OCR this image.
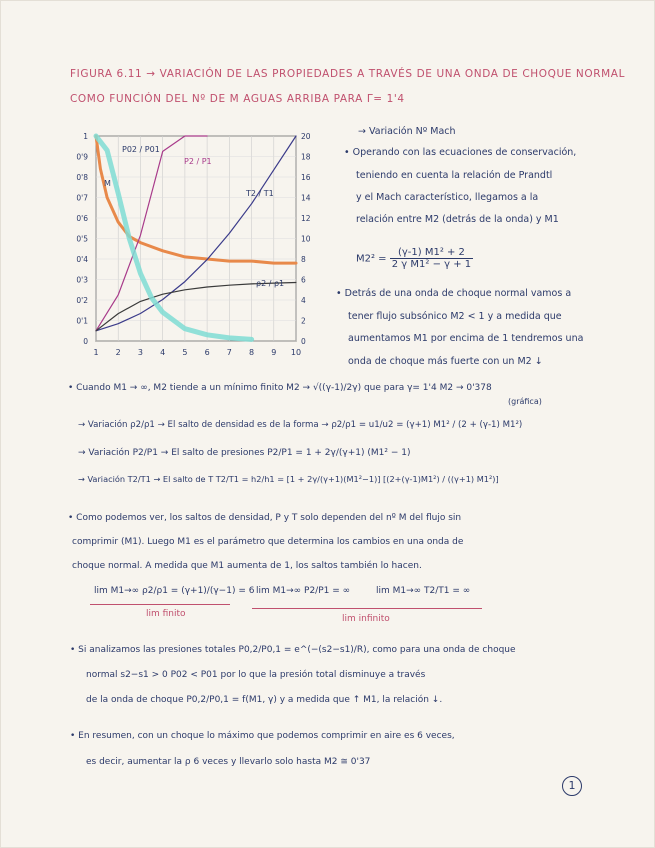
FIGURA 6.11 → VARIACIÓN DE LAS PROPIEDADES A TRAVÉS DE UNA ONDA DE CHOQUE NORMAL
COMO FUNCIÓN DEL Nº DE M AGUAS ARRIBA PARA Γ= 1'4
1 2 3 4 5 6 7 8 9 10
0
0'1
0'2
0'3
0'4
0'5
0'6
0'7
0'8
0'9
1
0
2
4
6
8
10
12
14
16
18
20
P02 / P01
M
P2 / P1
T2 / T1
ρ2 / ρ1
→ Variación Nº Mach
• Operando con las ecuaciones de conservación,
teniendo en cuenta la relación de Prandtl
y el Mach característico, llegamos a la
relación entre M2 (detrás de la onda) y M1
$M2^2 = \frac{\text{(γ-1) M1² + 2}}{\text{2 γ M1² − γ + 1}}$
• Detrás de una onda de choque normal vamos a
tener flujo subsónico M2 < 1 y a medida que
aumentamos M1 por encima de 1 tendremos una
onda de choque más fuerte con un M2 ↓
• Cuando M1 → ∞, M2 tiende a un mínimo finito M2 → √((γ-1)/2γ) que para γ= 1'4 M2 → 0'378
(gráfica)
→ Variación ρ2/ρ1 → El salto de densidad es de la forma → ρ2/ρ1 = u1/u2 = (γ+1) M1² / (2 + (γ-1) M1²)
→ Variación P2/P1 → El salto de presiones P2/P1 = 1 + 2γ/(γ+1) (M1² − 1)
→ Variación T2/T1 → El salto de T T2/T1 = h2/h1 = [1 + 2γ/(γ+1)(M1²−1)] [(2+(γ-1)M1²) / ((γ+1) M1²)]
• Como podemos ver, los saltos de densidad, P y T solo dependen del nº M del flujo sin
comprimir (M1). Luego M1 es el parámetro que determina los cambios en una onda de
choque normal. A medida que M1 aumenta de 1, los saltos también lo hacen.
lim M1→∞ ρ2/ρ1 = (γ+1)/(γ−1) = 6 lim M1→∞ P2/P1 = ∞	lim M1→∞ T2/T1 = ∞
lim finito	lim infinito
• Si analizamos las presiones totales P0,2/P0,1 = e^(−(s2−s1)/R), como para una onda de choque
normal s2−s1 > 0 P02 < P01 por lo que la presión total disminuye a través
de la onda de choque P0,2/P0,1 = f(M1, γ) y a medida que ↑ M1, la relación ↓.
• En resumen, con un choque lo máximo que podemos comprimir en aire es 6 veces,
es decir, aumentar la ρ 6 veces y llevarlo solo hasta M2 ≅ 0'37
1
